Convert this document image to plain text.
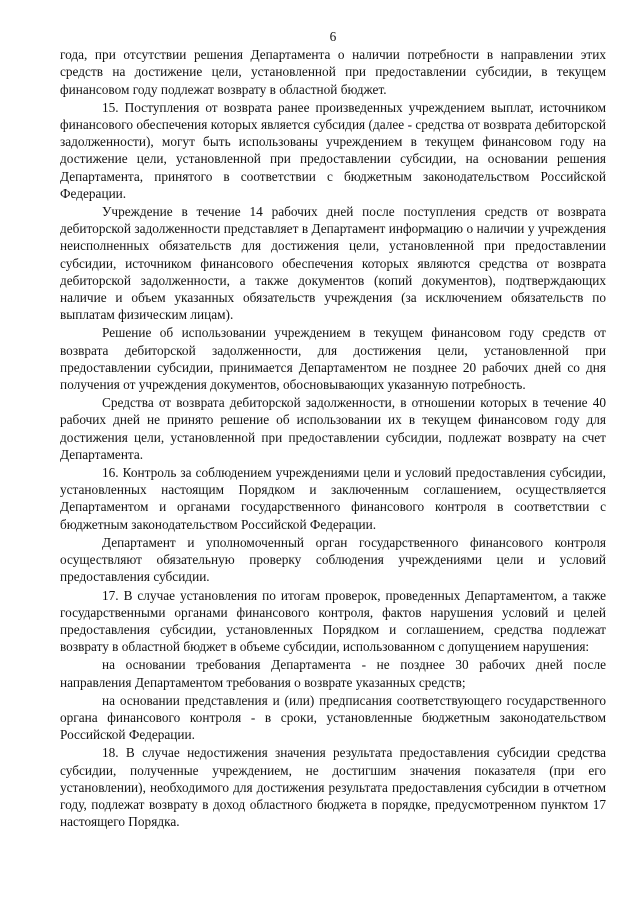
6

года, при отсутствии решения Департамента о наличии потребности в направлении этих средств на достижение цели, установленной при предоставлении субсидии, в текущем финансовом году подлежат возврату в областной бюджет.

15. Поступления от возврата ранее произведенных учреждением выплат, источником финансового обеспечения которых является субсидия (далее - средства от возврата дебиторской задолженности), могут быть использованы учреждением в текущем финансовом году на достижение цели, установленной при предоставлении субсидии, на основании решения Департамента, принятого в соответствии с бюджетным законодательством Российской Федерации.

Учреждение в течение 14 рабочих дней после поступления средств от возврата дебиторской задолженности представляет в Департамент информацию о наличии у учреждения неисполненных обязательств для достижения цели, установленной при предоставлении субсидии, источником финансового обеспечения которых являются средства от возврата дебиторской задолженности, а также документов (копий документов), подтверждающих наличие и объем указанных обязательств учреждения (за исключением обязательств по выплатам физическим лицам).

Решение об использовании учреждением в текущем финансовом году средств от возврата дебиторской задолженности, для достижения цели, установленной при предоставлении субсидии, принимается Департаментом не позднее 20 рабочих дней со дня получения от учреждения документов, обосновывающих указанную потребность.

Средства от возврата дебиторской задолженности, в отношении которых в течение 40 рабочих дней не принято решение об использовании их в текущем финансовом году для достижения цели, установленной при предоставлении субсидии, подлежат возврату на счет Департамента.

16. Контроль за соблюдением учреждениями цели и условий предоставления субсидии, установленных настоящим Порядком и заключенным соглашением, осуществляется Департаментом и органами государственного финансового контроля в соответствии с бюджетным законодательством Российской Федерации.

Департамент и уполномоченный орган государственного финансового контроля осуществляют обязательную проверку соблюдения учреждениями цели и условий предоставления субсидии.

17. В случае установления по итогам проверок, проведенных Департаментом, а также государственными органами финансового контроля, фактов нарушения условий и целей предоставления субсидии, установленных Порядком и соглашением, средства подлежат возврату в областной бюджет в объеме субсидии, использованном с допущением нарушения:

на основании требования Департамента - не позднее 30 рабочих дней после направления Департаментом требования о возврате указанных средств;

на основании представления и (или) предписания соответствующего государственного органа финансового контроля - в сроки, установленные бюджетным законодательством Российской Федерации.

18. В случае недостижения значения результата предоставления субсидии средства субсидии, полученные учреждением, не достигшим значения показателя (при его установлении), необходимого для достижения результата предоставления субсидии в отчетном году, подлежат возврату в доход областного бюджета в порядке, предусмотренном пунктом 17 настоящего Порядка.
